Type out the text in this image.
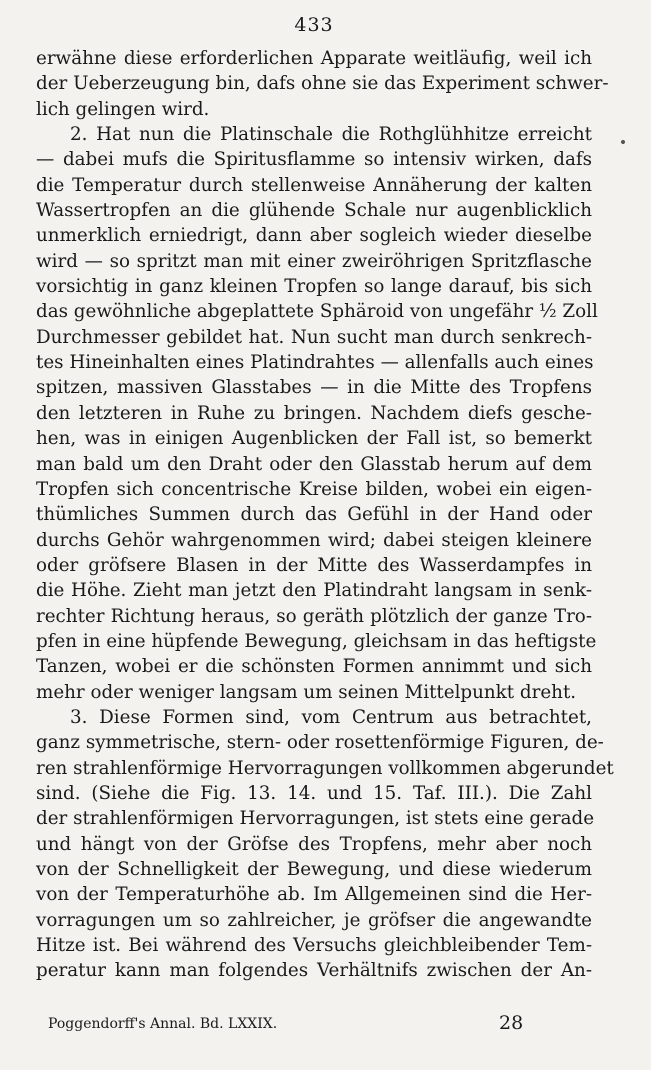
433
erwähne diese erforderlichen Apparate weitläufig, weil ich
der Ueberzeugung bin, dafs ohne sie das Experiment schwer-
lich gelingen wird.
2. Hat nun die Platinschale die Rothglühhitze erreicht
— dabei mufs die Spiritusflamme so intensiv wirken, dafs
die Temperatur durch stellenweise Annäherung der kalten
Wassertropfen an die glühende Schale nur augenblicklich
unmerklich erniedrigt, dann aber sogleich wieder dieselbe
wird — so spritzt man mit einer zweiröhrigen Spritzflasche
vorsichtig in ganz kleinen Tropfen so lange darauf, bis sich
das gewöhnliche abgeplattete Sphäroid von ungefähr ½ Zoll
Durchmesser gebildet hat. Nun sucht man durch senkrech-
tes Hineinhalten eines Platindrahtes — allenfalls auch eines
spitzen, massiven Glasstabes — in die Mitte des Tropfens
den letzteren in Ruhe zu bringen. Nachdem diefs gesche-
hen, was in einigen Augenblicken der Fall ist, so bemerkt
man bald um den Draht oder den Glasstab herum auf dem
Tropfen sich concentrische Kreise bilden, wobei ein eigen-
thümliches Summen durch das Gefühl in der Hand oder
durchs Gehör wahrgenommen wird; dabei steigen kleinere
oder gröfsere Blasen in der Mitte des Wasserdampfes in
die Höhe. Zieht man jetzt den Platindraht langsam in senk-
rechter Richtung heraus, so geräth plötzlich der ganze Tro-
pfen in eine hüpfende Bewegung, gleichsam in das heftigste
Tanzen, wobei er die schönsten Formen annimmt und sich
mehr oder weniger langsam um seinen Mittelpunkt dreht.
3. Diese Formen sind, vom Centrum aus betrachtet,
ganz symmetrische, stern- oder rosettenförmige Figuren, de-
ren strahlenförmige Hervorragungen vollkommen abgerundet
sind. (Siehe die Fig. 13. 14. und 15. Taf. III.). Die Zahl
der strahlenförmigen Hervorragungen, ist stets eine gerade
und hängt von der Gröfse des Tropfens, mehr aber noch
von der Schnelligkeit der Bewegung, und diese wiederum
von der Temperaturhöhe ab. Im Allgemeinen sind die Her-
vorragungen um so zahlreicher, je gröfser die angewandte
Hitze ist. Bei während des Versuchs gleichbleibender Tem-
peratur kann man folgendes Verhältnifs zwischen der An-
Poggendorff's Annal. Bd. LXXIX.	28
